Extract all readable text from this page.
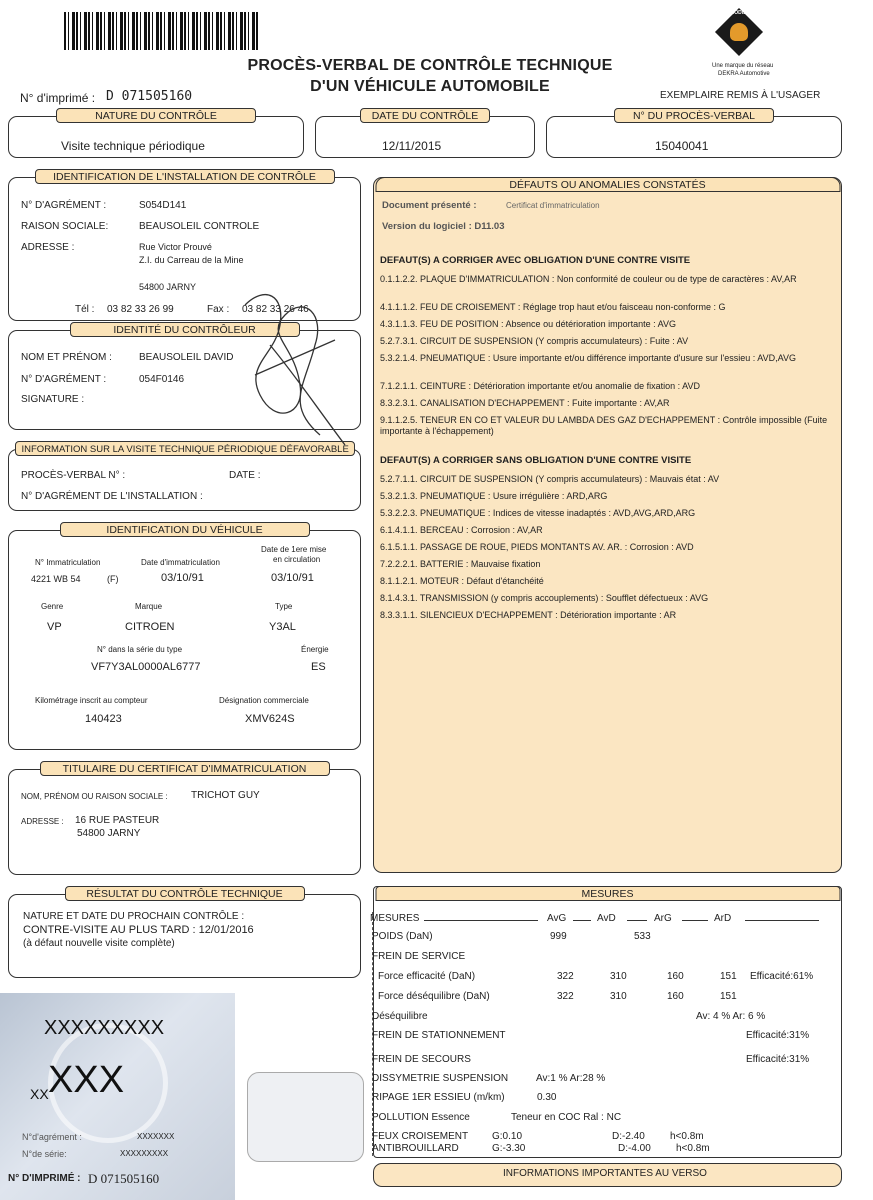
PROCÈS-VERBAL DE CONTRÔLE TECHNIQUE
D'UN VÉHICULE AUTOMOBILE
N° d'imprimé : D 071505160
MODISKO
Une marque du réseau
DEKRA Automotive
EXEMPLAIRE REMIS À L'USAGER
NATURE DU CONTRÔLE
Visite technique périodique
DATE DU CONTRÔLE
12/11/2015
N° DU PROCÈS-VERBAL
15040041
IDENTIFICATION DE L'INSTALLATION DE CONTRÔLE
N° D'AGRÉMENT :	S054D141
RAISON SOCIALE:	BEAUSOLEIL CONTROLE
ADRESSE :	Rue Victor Prouvé
Z.I. du Carreau de la Mine
54800 JARNY
Tél : 03 82 33 26 99	Fax : 03 82 33 26 46
IDENTITÉ DU CONTRÔLEUR
NOM ET PRÉNOM :	BEAUSOLEIL DAVID
N° D'AGRÉMENT :	054F0146
SIGNATURE :
INFORMATION SUR LA VISITE TECHNIQUE PÉRIODIQUE DÉFAVORABLE
PROCÈS-VERBAL N° :	DATE :
N° D'AGRÉMENT DE L'INSTALLATION :
IDENTIFICATION DU VÉHICULE
N° Immatriculation
4221 WB 54	(F)
Date d'immatriculation
03/10/91
Date de 1ere mise
en circulation
03/10/91
Genre
VP
Marque
CITROEN
Type
Y3AL
N° dans la série du type
VF7Y3AL0000AL6777
Énergie
ES
Kilométrage inscrit au compteur
140423
Désignation commerciale
XMV624S
TITULAIRE DU CERTIFICAT D'IMMATRICULATION
NOM, PRÉNOM OU RAISON SOCIALE : TRICHOT GUY
ADRESSE : 16 RUE PASTEUR
54800 JARNY
RÉSULTAT DU CONTRÔLE TECHNIQUE
NATURE ET DATE DU PROCHAIN CONTRÔLE :
CONTRE-VISITE AU PLUS TARD : 12/01/2016
(à défaut nouvelle visite complète)
XXXXXXXXX
XX XXX
N°d'agrément :	XXXXXXX
N°de série:	XXXXXXXXX
N° D'IMPRIMÉ : D 071505160
DÉFAUTS OU ANOMALIES CONSTATÉS
Document présenté :	Certificat d'immatriculation
Version du logiciel : D11.03
DEFAUT(S) A CORRIGER AVEC OBLIGATION D'UNE CONTRE VISITE
0.1.1.2.2. PLAQUE D'IMMATRICULATION : Non conformité de couleur ou de type de caractères : AV,AR
4.1.1.1.2. FEU DE CROISEMENT : Réglage trop haut et/ou faisceau non-conforme : G
4.3.1.1.3. FEU DE POSITION : Absence ou détérioration importante : AVG
5.2.7.3.1. CIRCUIT DE SUSPENSION (Y compris accumulateurs) : Fuite : AV
5.3.2.1.4. PNEUMATIQUE : Usure importante et/ou différence importante d'usure sur l'essieu : AVD,AVG
7.1.2.1.1. CEINTURE : Détérioration importante et/ou anomalie de fixation : AVD
8.3.2.3.1. CANALISATION D'ECHAPPEMENT : Fuite importante : AV,AR
9.1.1.2.5. TENEUR EN CO ET VALEUR DU LAMBDA DES GAZ D'ECHAPPEMENT : Contrôle impossible (Fuite importante à l'échappement)
DEFAUT(S) A CORRIGER SANS OBLIGATION D'UNE CONTRE VISITE
5.2.7.1.1. CIRCUIT DE SUSPENSION (Y compris accumulateurs) : Mauvais état : AV
5.3.2.1.3. PNEUMATIQUE : Usure irrégulière : ARD,ARG
5.3.2.2.3. PNEUMATIQUE : Indices de vitesse inadaptés : AVD,AVG,ARD,ARG
6.1.4.1.1. BERCEAU : Corrosion : AV,AR
6.1.5.1.1. PASSAGE DE ROUE, PIEDS MONTANTS AV. AR. : Corrosion : AVD
7.2.2.2.1. BATTERIE : Mauvaise fixation
8.1.1.2.1. MOTEUR : Défaut d'étanchéité
8.1.4.3.1. TRANSMISSION (y compris accouplements) : Soufflet défectueux : AVG
8.3.3.1.1. SILENCIEUX D'ECHAPPEMENT : Détérioration importante : AR
MESURES
MESURES	AvG	AvD	ArG	ArD
POIDS (DaN)	999	533
FREIN DE SERVICE
Force efficacité (DaN)	322	310	160	151 Efficacité:61%
Force déséquilibre (DaN)	322	310	160	151
Déséquilibre	Av: 4 % Ar: 6 %
FREIN DE STATIONNEMENT	Efficacité:31%
FREIN DE SECOURS	Efficacité:31%
DISSYMETRIE SUSPENSION	Av:1 % Ar:28 %
RIPAGE 1ER ESSIEU (m/km)	0.30
POLLUTION Essence	Teneur en COC Ral : NC
FEUX CROISEMENT G:0.10	D:-2.40	h<0.8m
ANTIBROUILLARD	G:-3.30	D:-4.00	h<0.8m
INFORMATIONS IMPORTANTES AU VERSO
